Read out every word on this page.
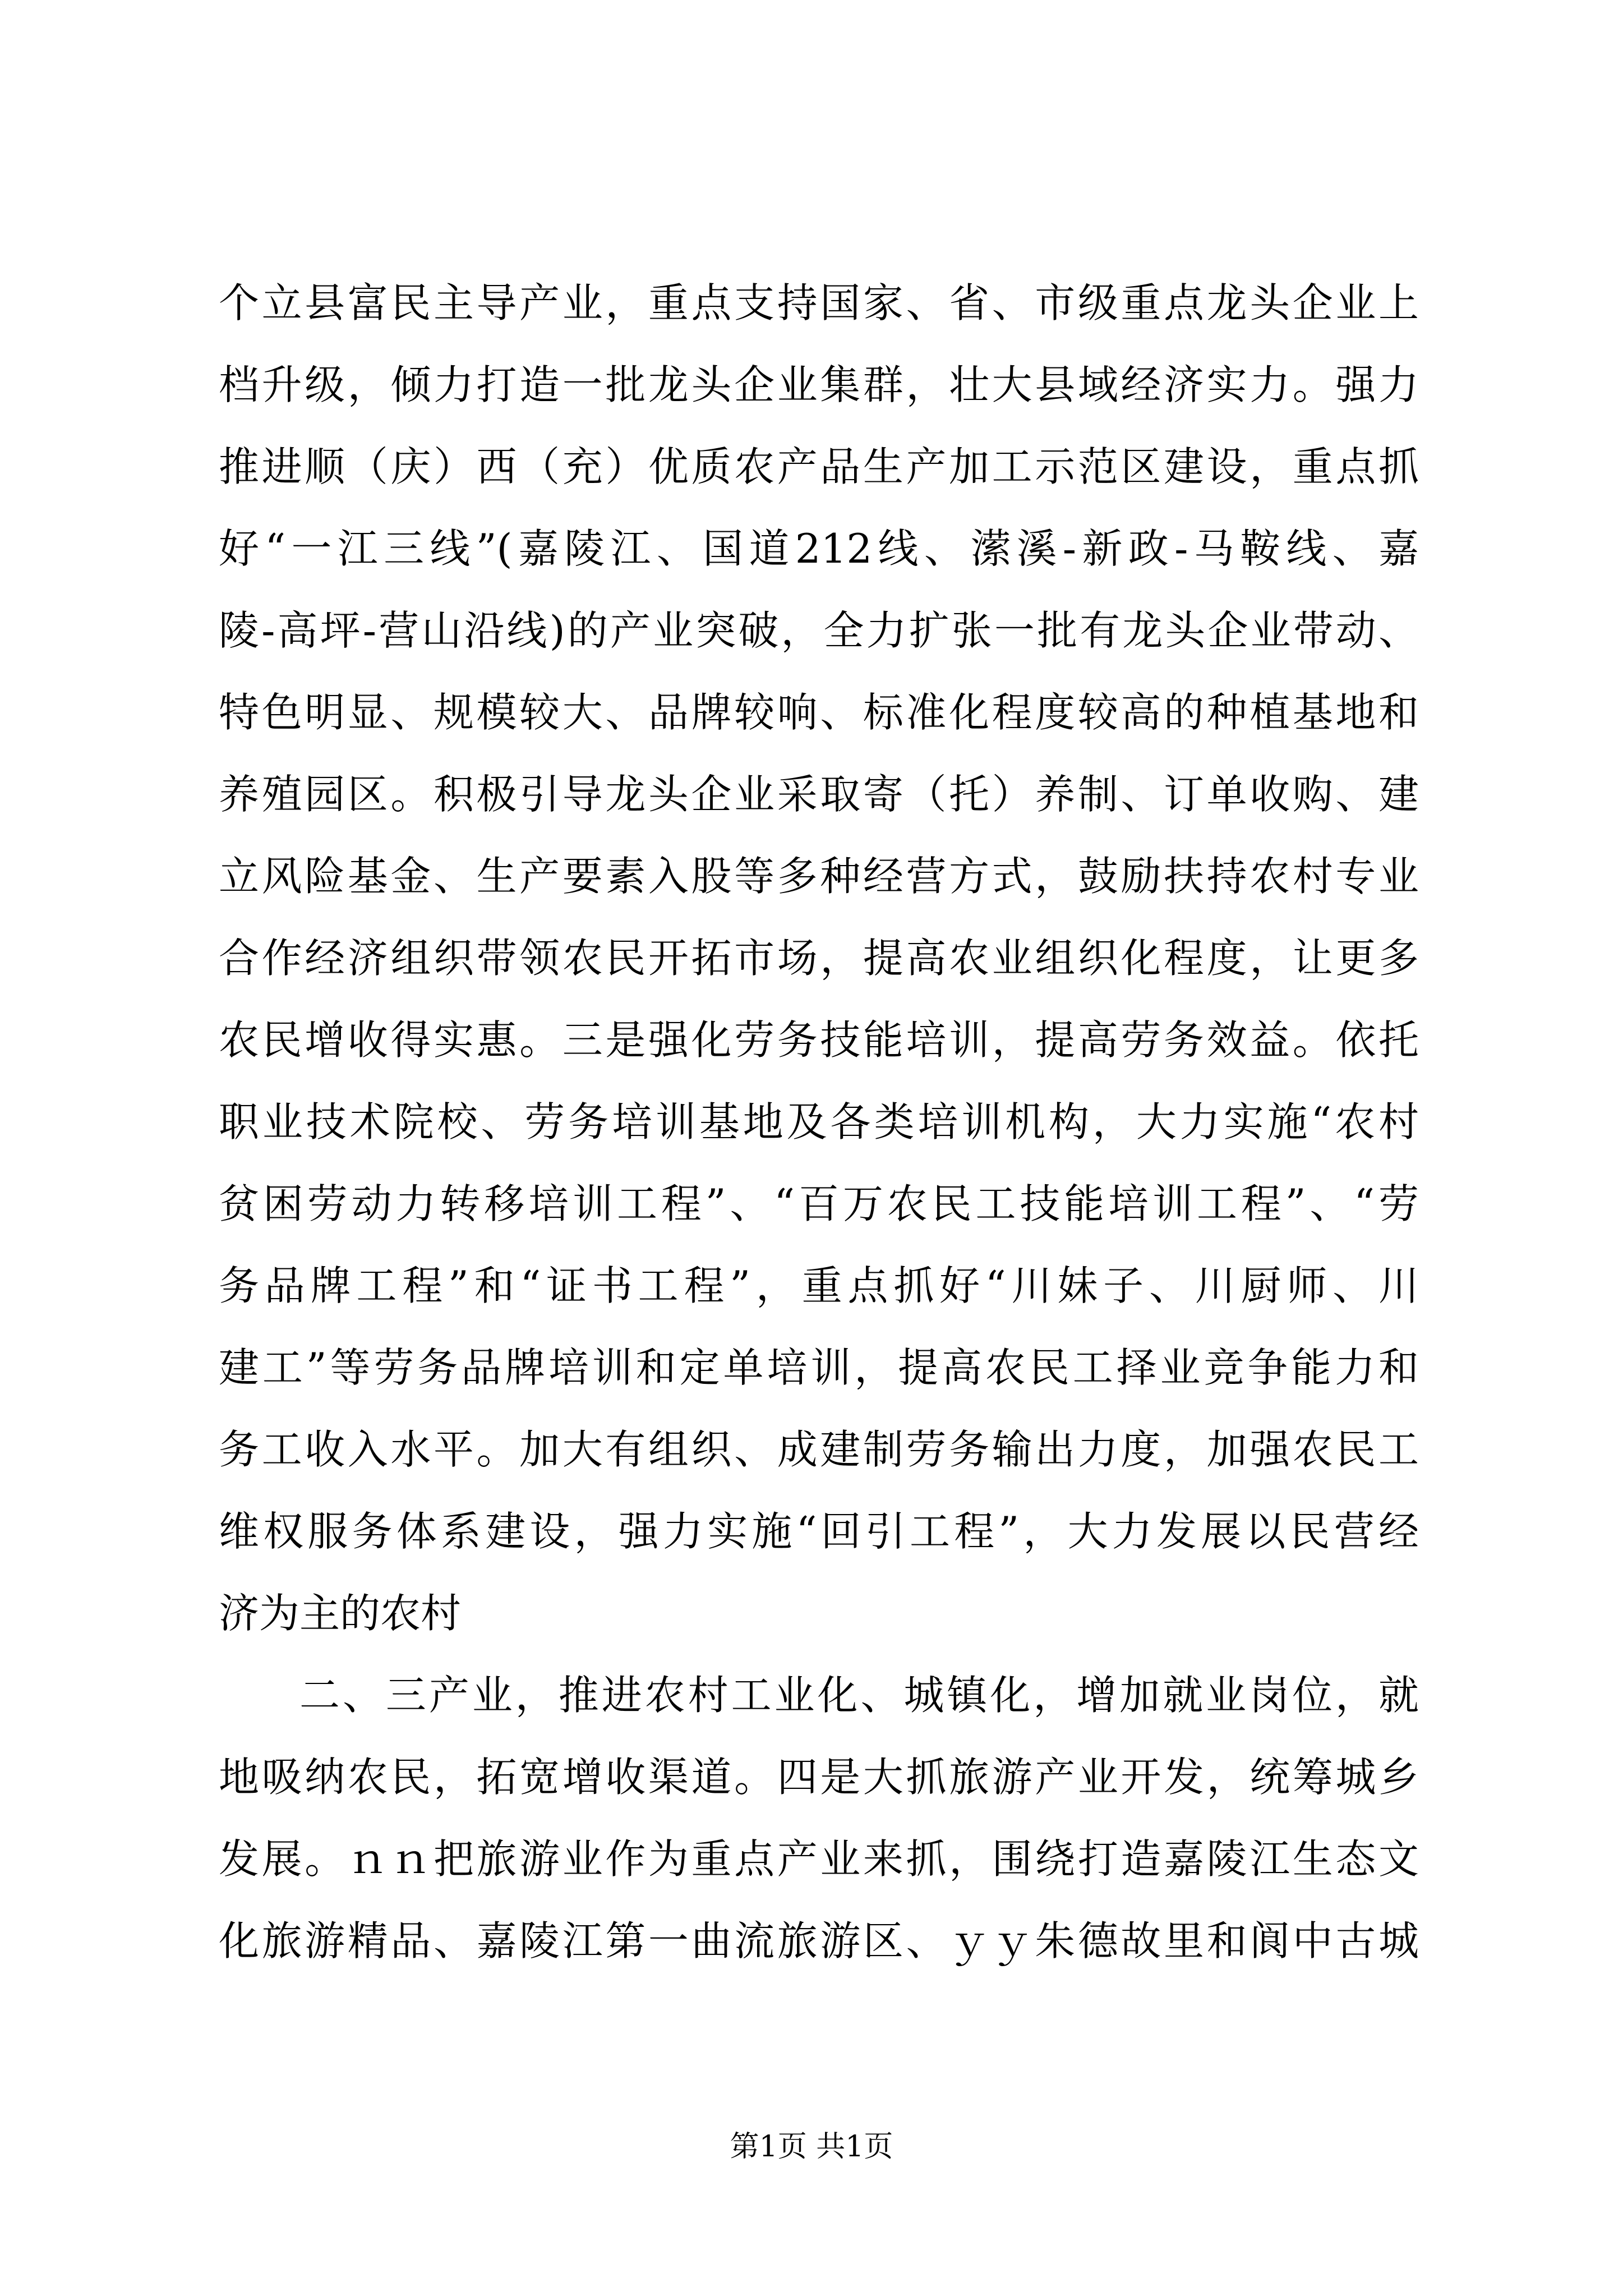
个立县富民主导产业，重点支持国家、省、市级重点龙头企业上
档升级，倾力打造一批龙头企业集群，壮大县域经济实力。强力
推进顺（庆）西（充）优质农产品生产加工示范区建设，重点抓
好“一江三线”(嘉陵江、国道212线、潆溪-新政-马鞍线、嘉
陵-高坪-营山沿线)的产业突破，全力扩张一批有龙头企业带动、
特色明显、规模较大、品牌较响、标准化程度较高的种植基地和
养殖园区。积极引导龙头企业采取寄（托）养制、订单收购、建
立风险基金、生产要素入股等多种经营方式，鼓励扶持农村专业
合作经济组织带领农民开拓市场，提高农业组织化程度，让更多
农民增收得实惠。三是强化劳务技能培训，提高劳务效益。依托
职业技术院校、劳务培训基地及各类培训机构，大力实施“农村
贫困劳动力转移培训工程”、“百万农民工技能培训工程”、“劳
务品牌工程”和“证书工程”，重点抓好“川妹子、川厨师、川
建工”等劳务品牌培训和定单培训，提高农民工择业竞争能力和
务工收入水平。加大有组织、成建制劳务输出力度，加强农民工
维权服务体系建设，强力实施“回引工程”，大力发展以民营经
济为主的农村
二、三产业，推进农村工业化、城镇化，增加就业岗位，就
地吸纳农民，拓宽增收渠道。四是大抓旅游产业开发，统筹城乡
发展。ｎｎ把旅游业作为重点产业来抓，围绕打造嘉陵江生态文
化旅游精品、嘉陵江第一曲流旅游区、ｙｙ朱德故里和阆中古城
第1页 共1页
